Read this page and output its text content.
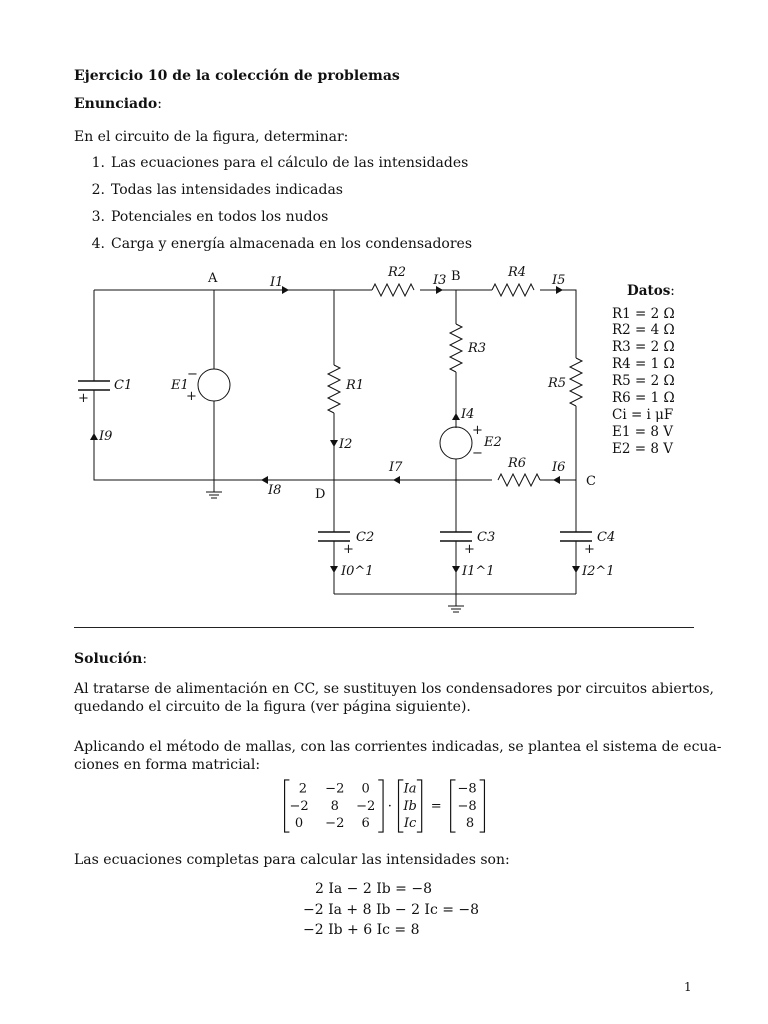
Ejercicio 10 de la colección de problemas
Enunciado:
En el circuito de la figura, determinar:
1. Las ecuaciones para el cálculo de las intensidades
2. Todas las intensidades indicadas
3. Potenciales en todos los nudos
4. Carga y energía almacenada en los condensadores
A	B
C
D
I1	I3	I5
I2
I4
I9
I7	I6
I8
R2	R4
R3
R1	R5
R6
C1
C2	C3	C4
E1
E2
I0^1	I1^1	I2^1
+
−
+
+
−
+	+	+
Datos:
R1 = 2 Ω
R2 = 4 Ω
R3 = 2 Ω
R4 = 1 Ω
R5 = 2 Ω
R6 = 1 Ω
Ci = i μF
E1 = 8 V
E2 = 8 V
Solución:
Al tratarse de alimentación en CC, se sustituyen los condensadores por circuitos abiertos,
quedando el circuito de la figura (ver página siguiente).
Aplicando el método de mallas, con las corrientes indicadas, se plantea el sistema de ecua-
ciones en forma matricial:
2 −2 0
−2 8 −2
0 −2 6
·
Ia
Ib
Ic
=
−8
−8
8
Las ecuaciones completas para calcular las intensidades son:
2 Ia − 2 Ib = −8
−2 Ia + 8 Ib − 2 Ic = −8
−2 Ib + 6 Ic = 8
1
